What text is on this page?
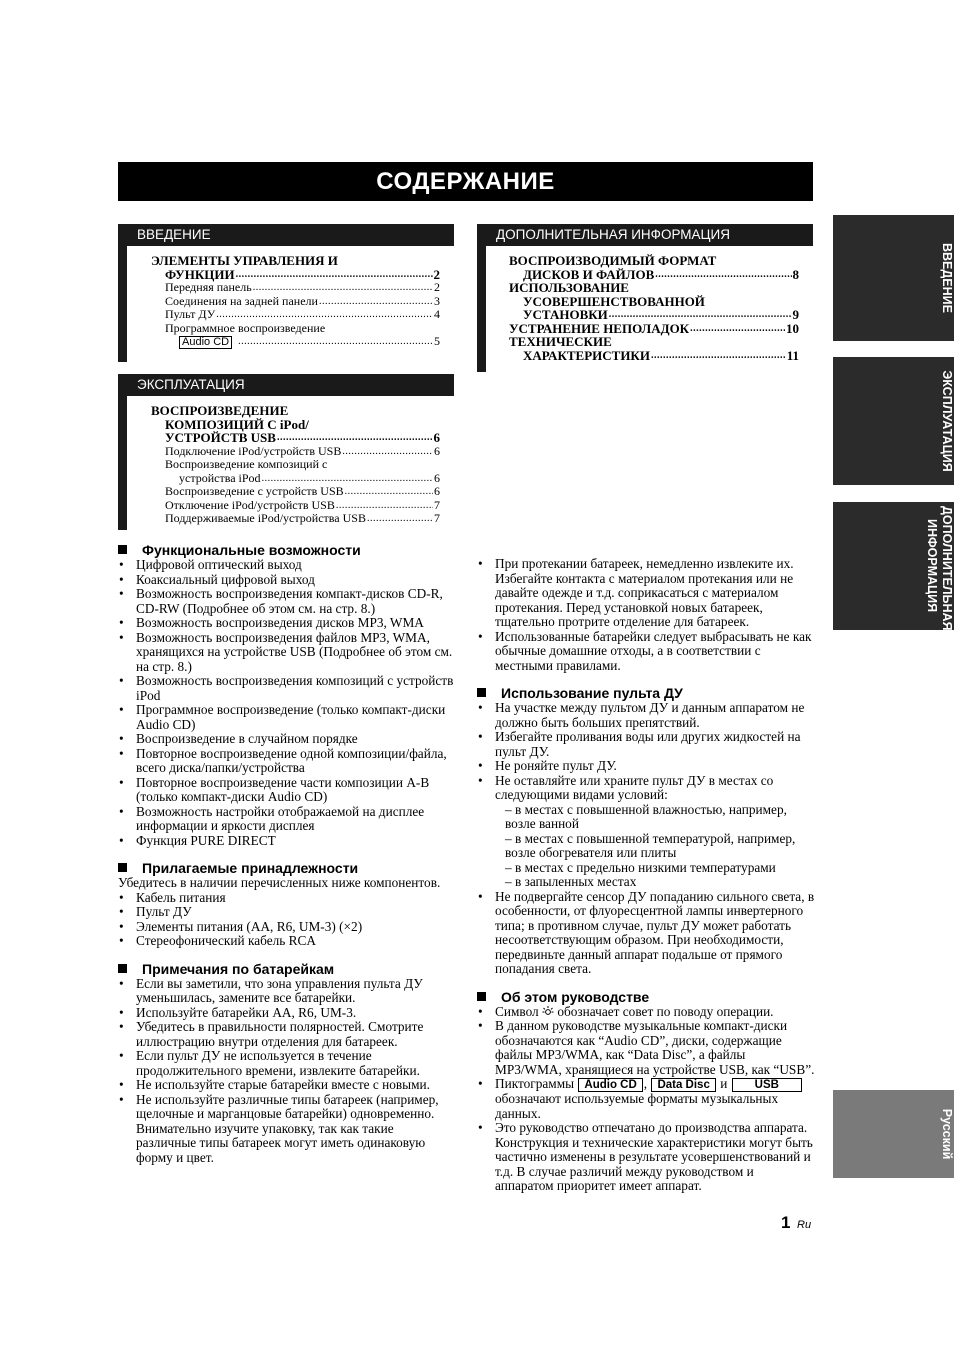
СОДЕРЖАНИЕ
ВВЕДЕНИЕ
ЭЛЕМЕНТЫ УПРАВЛЕНИЯ И
ФУНКЦИИ .....	2
Передняя панель .....	2
Соединения на задней панели .....	3
Пульт ДУ .....	4
Программное воспроизведение
Audio CD .....	5
ЭКСПЛУАТАЦИЯ
ВОСПРОИЗВЕДЕНИЕ
КОМПОЗИЦИЙ С iPod/
УСТРОЙСТВ USB .....	6
Подключение iPod/устройств USB .....	6
Воспроизведение композиций с
устройства iPod .....	6
Воспроизведение с устройств USB .....	6
Отключение iPod/устройств USB .....	7
Поддерживаемые iPod/устройства USB .....	7
ДОПОЛНИТЕЛЬНАЯ ИНФОРМАЦИЯ
ВОСПРОИЗВОДИМЫЙ ФОРМАТ
ДИСКОВ И ФАЙЛОВ .....	8
ИСПОЛЬЗОВАНИЕ
УСОВЕРШЕНСТВОВАННОЙ
УСТАНОВКИ .....	9
УСТРАНЕНИЕ НЕПОЛАДОК .....	10
ТЕХНИЧЕСКИЕ
ХАРАКТЕРИСТИКИ .....	11
ВВЕДЕНИЕ
ЭКСПЛУАТАЦИЯ
ДОПОЛНИТЕЛЬНАЯ ИНФОРМАЦИЯ
Русский
Функциональные возможности
• Цифровой оптический выход
• Коаксиальный цифровой выход
• Возможность воспроизведения компакт-дисков CD-R, CD-RW (Подробнее об этом см. на стр. 8.)
• Возможность воспроизведения дисков MP3, WMA
• Возможность воспроизведения файлов MP3, WMA, хранящихся на устройстве USB (Подробнее об этом см. на стр. 8.)
• Возможность воспроизведения композиций с устройств iPod
• Программное воспроизведение (только компакт-диски Audio CD)
• Воспроизведение в случайном порядке
• Повторное воспроизведение одной композиции/файла, всего диска/папки/устройства
• Повторное воспроизведение части композиции A-B (только компакт-диски Audio CD)
• Возможность настройки отображаемой на дисплее информации и яркости дисплея
• Функция PURE DIRECT
Прилагаемые принадлежности

Убедитесь в наличии перечисленных ниже компонентов.

• Кабель питания
• Пульт ДУ
• Элементы питания (AA, R6, UM-3) (×2)
• Стереофонический кабель RCA
Примечания по батарейкам
• Если вы заметили, что зона управления пульта ДУ уменьшилась, замените все батарейки.
• Используйте батарейки AA, R6, UM-3.
• Убедитесь в правильности полярностей. Смотрите иллюстрацию внутри отделения для батареек.
• Если пульт ДУ не используется в течение продолжительного времени, извлеките батарейки.
• Не используйте старые батарейки вместе с новыми.
• Не используйте различные типы батареек (например, щелочные и марганцовые батарейки) одновременно. Внимательно изучите упаковку, так как такие различные типы батареек могут иметь одинаковую форму и цвет.
• При протекании батареек, немедленно извлеките их. Избегайте контакта с материалом протекания или не давайте одежде и т.д. соприкасаться с материалом протекания. Перед установкой новых батареек, тщательно протрите отделение для батареек.
• Использованные батарейки следует выбрасывать не как обычные домашние отходы, а в соответствии с местными правилами.
Использование пульта ДУ
• На участке между пультом ДУ и данным аппаратом не должно быть больших препятствий.
• Избегайте проливания воды или других жидкостей на пульт ДУ.
• Не роняйте пульт ДУ.
• Не оставляйте или храните пульт ДУ в местах со следующими видами условий:
– в местах с повышенной влажностью, например, возле ванной
– в местах с повышенной температурой, например, возле обогревателя или плиты
– в местах с предельно низкими температурами
– в запыленных местах
• Не подвергайте сенсор ДУ попаданию сильного света, в особенности, от флуоресцентной лампы инвертерного типа; в противном случае, пульт ДУ может работать несоответствующим образом. При необходимости, передвиньте данный аппарат подальше от прямого попадания света.
Об этом руководстве
• Символ обозначает совет по поводу операции.
• В данном руководстве музыкальные компакт-диски обозначаются как “Audio CD”, диски, содержащие файлы MP3/WMA, как “Data Disc”, а файлы MP3/WMA, хранящиеся на устройстве USB, как “USB”.
• Пиктограммы Audio CD , Data Disc и USB обозначают используемые форматы музыкальных данных.
• Это руководство отпечатано до производства аппарата. Конструкция и технические характеристики могут быть частично изменены в результате усовершенствований и т.д. В случае различий между руководством и аппаратом приоритет имеет аппарат.
1 Ru
